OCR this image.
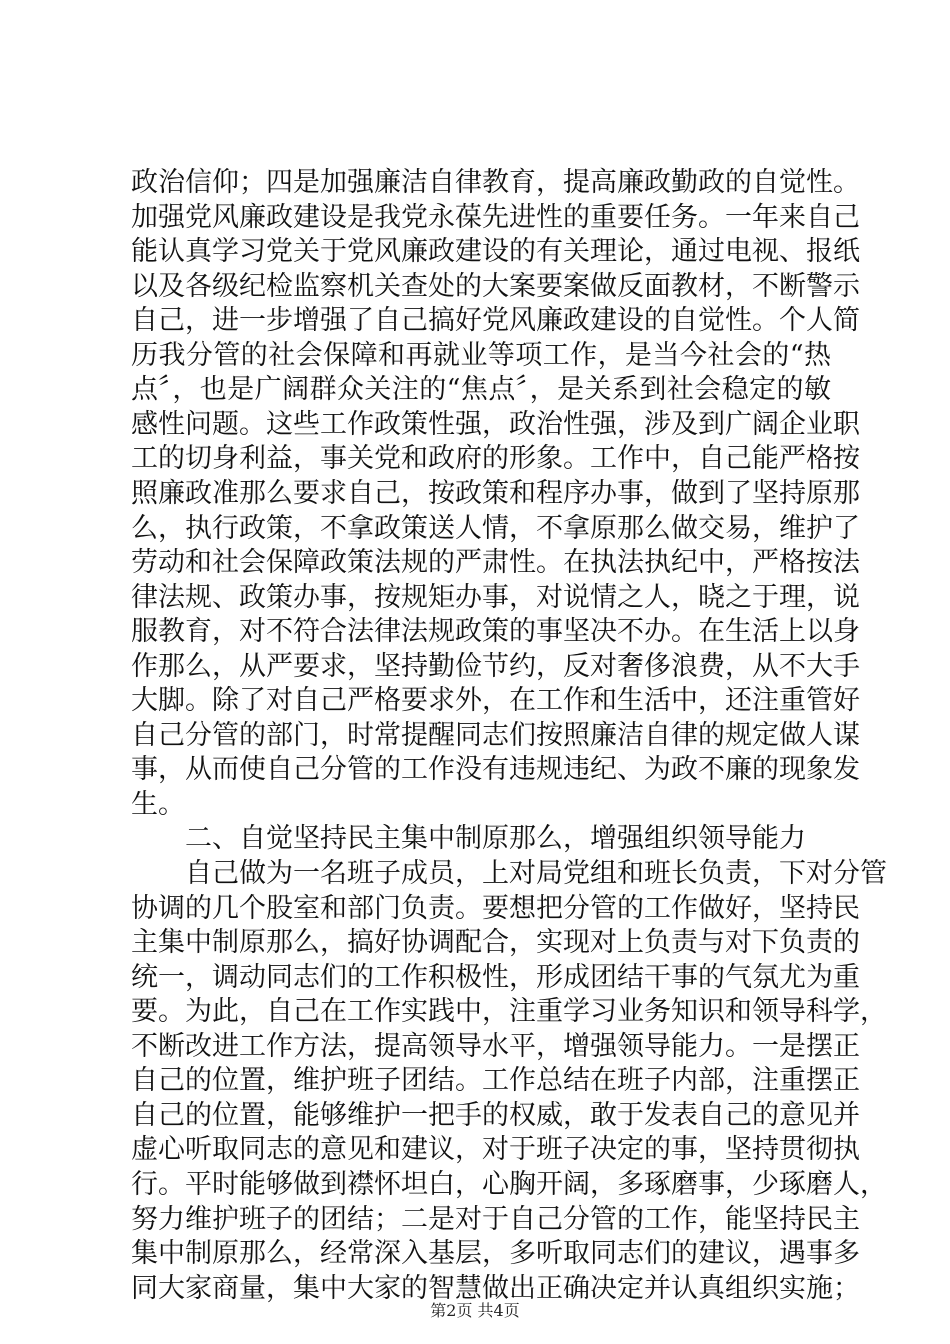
政治信仰；四是加强廉洁自律教育，提高廉政勤政的自觉性。
加强党风廉政建设是我党永葆先进性的重要任务。一年来自己
能认真学习党关于党风廉政建设的有关理论，通过电视、报纸
以及各级纪检监察机关查处的大案要案做反面教材，不断警示
自己，进一步增强了自己搞好党风廉政建设的自觉性。个人简
历我分管的社会保障和再就业等项工作，是当今社会的“热
点〞，也是广阔群众关注的“焦点〞，是关系到社会稳定的敏
感性问题。这些工作政策性强，政治性强，涉及到广阔企业职
工的切身利益，事关党和政府的形象。工作中，自己能严格按
照廉政准那么要求自己，按政策和程序办事，做到了坚持原那
么，执行政策，不拿政策送人情，不拿原那么做交易，维护了
劳动和社会保障政策法规的严肃性。在执法执纪中，严格按法
律法规、政策办事，按规矩办事，对说情之人，晓之于理，说
服教育，对不符合法律法规政策的事坚决不办。在生活上以身
作那么，从严要求，坚持勤俭节约，反对奢侈浪费，从不大手
大脚。除了对自己严格要求外，在工作和生活中，还注重管好
自己分管的部门，时常提醒同志们按照廉洁自律的规定做人谋
事，从而使自己分管的工作没有违规违纪、为政不廉的现象发
生。
　　二、自觉坚持民主集中制原那么，增强组织领导能力
　　自己做为一名班子成员，上对局党组和班长负责，下对分管
协调的几个股室和部门负责。要想把分管的工作做好，坚持民
主集中制原那么，搞好协调配合，实现对上负责与对下负责的
统一，调动同志们的工作积极性，形成团结干事的气氛尤为重
要。为此，自己在工作实践中，注重学习业务知识和领导科学，
不断改进工作方法，提高领导水平，增强领导能力。一是摆正
自己的位置，维护班子团结。工作总结在班子内部，注重摆正
自己的位置，能够维护一把手的权威，敢于发表自己的意见并
虚心听取同志的意见和建议，对于班子决定的事，坚持贯彻执
行。平时能够做到襟怀坦白，心胸开阔，多琢磨事，少琢磨人，
努力维护班子的团结；二是对于自己分管的工作，能坚持民主
集中制原那么，经常深入基层，多听取同志们的建议，遇事多
同大家商量，集中大家的智慧做出正确决定并认真组织实施；
第2页 共4页
